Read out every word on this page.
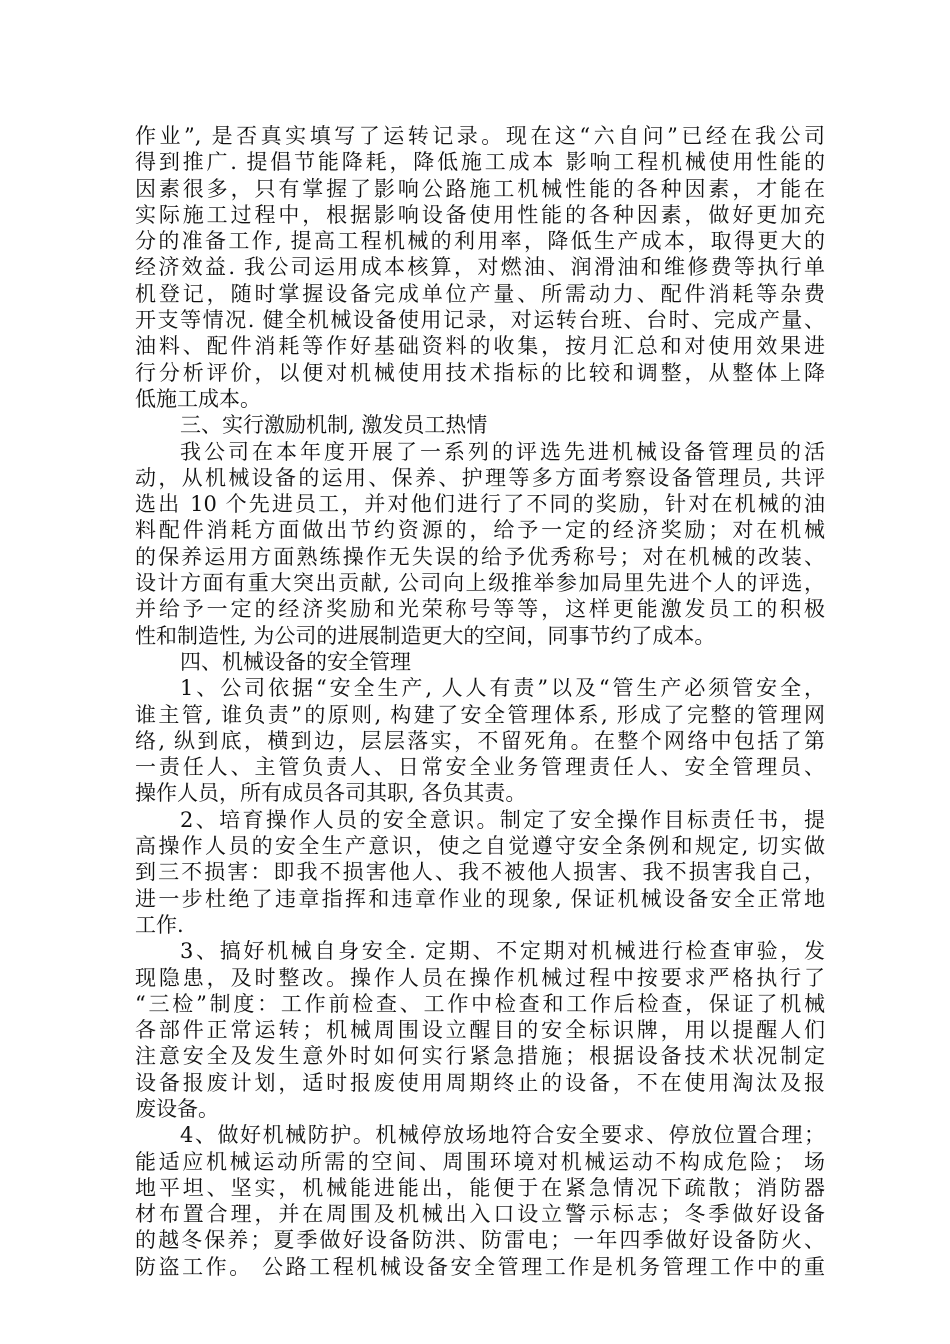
作业”, 是否真实填写了运转记录。现在这“六自问”已经在我公司
得到推广. 提倡节能降耗，降低施工成本 影响工程机械使用性能的
因素很多，只有掌握了影响公路施工机械性能的各种因素，才能在
实际施工过程中，根据影响设备使用性能的各种因素，做好更加充
分的准备工作, 提高工程机械的利用率，降低生产成本，取得更大的
经济效益. 我公司运用成本核算，对燃油、润滑油和维修费等执行单
机登记，随时掌握设备完成单位产量、所需动力、配件消耗等杂费
开支等情况. 健全机械设备使用记录，对运转台班、台时、完成产量、
油料、配件消耗等作好基础资料的收集，按月汇总和对使用效果进
行分析评价，以便对机械使用技术指标的比较和调整，从整体上降
低施工成本。
三、实行激励机制, 激发员工热情
我公司在本年度开展了一系列的评选先进机械设备管理员的活
动，从机械设备的运用、保养、护理等多方面考察设备管理员, 共评
选出 10 个先进员工，并对他们进行了不同的奖励，针对在机械的油
料配件消耗方面做出节约资源的，给予一定的经济奖励；对在机械
的保养运用方面熟练操作无失误的给予优秀称号；对在机械的改装、
设计方面有重大突出贡献, 公司向上级推举参加局里先进个人的评选，
并给予一定的经济奖励和光荣称号等等，这样更能激发员工的积极
性和制造性, 为公司的进展制造更大的空间，同事节约了成本。
四、机械设备的安全管理
1、公司依据“安全生产, 人人有责”以及“管生产必须管安全，
谁主管, 谁负责”的原则, 构建了安全管理体系, 形成了完整的管理网
络, 纵到底，横到边，层层落实，不留死角。在整个网络中包括了第
一责任人、主管负责人、日常安全业务管理责任人、安全管理员、
操作人员，所有成员各司其职, 各负其责。
2、培育操作人员的安全意识。制定了安全操作目标责任书，提
高操作人员的安全生产意识，使之自觉遵守安全条例和规定, 切实做
到三不损害：即我不损害他人、我不被他人损害、我不损害我自己，
进一步杜绝了违章指挥和违章作业的现象, 保证机械设备安全正常地
工作.
3、搞好机械自身安全. 定期、不定期对机械进行检查审验，发
现隐患，及时整改。操作人员在操作机械过程中按要求严格执行了
“三检”制度：工作前检查、工作中检查和工作后检查，保证了机械
各部件正常运转；机械周围设立醒目的安全标识牌，用以提醒人们
注意安全及发生意外时如何实行紧急措施；根据设备技术状况制定
设备报废计划，适时报废使用周期终止的设备，不在使用淘汰及报
废设备。
4、做好机械防护。机械停放场地符合安全要求、停放位置合理；
能适应机械运动所需的空间、周围环境对机械运动不构成危险； 场
地平坦、坚实，机械能进能出，能便于在紧急情况下疏散；消防器
材布置合理，并在周围及机械出入口设立警示标志；冬季做好设备
的越冬保养；夏季做好设备防洪、防雷电；一年四季做好设备防火、
防盗工作。 公路工程机械设备安全管理工作是机务管理工作中的重
